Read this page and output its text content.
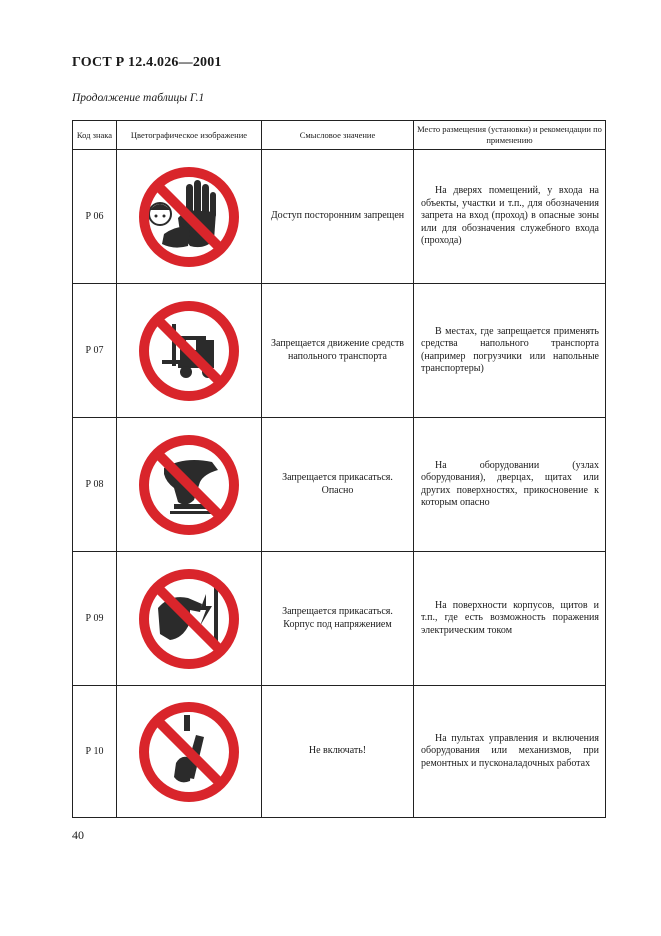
ГОСТ Р 12.4.026—2001
Продолжение таблицы Г.1
Код знака	Цветографическое изображение	Смысловое значение	Место размещения (установки) и рекомендации по применению
Р 06		Доступ посторонним запрещен	На дверях помещений, у входа на объекты, участки и т.п., для обозначения запрета на вход (проход) в опасные зоны или для обозначения служебного входа (прохода)
Р 07		Запрещается движение средств напольного транспорта	В местах, где запрещается применять средства напольного транспорта (например погрузчики или напольные транспортеры)
Р 08		Запрещается прикасаться. Опасно	На оборудовании (узлах оборудования), дверцах, щитах или других поверхностях, прикосновение к которым опасно
Р 09		Запрещается прикасаться. Корпус под напряжением	На поверхности корпусов, щитов и т.п., где есть возможность поражения электрическим током
Р 10		Не включать!	На пультах управления и включения оборудования или механизмов, при ремонтных и пусконаладочных работах
40
